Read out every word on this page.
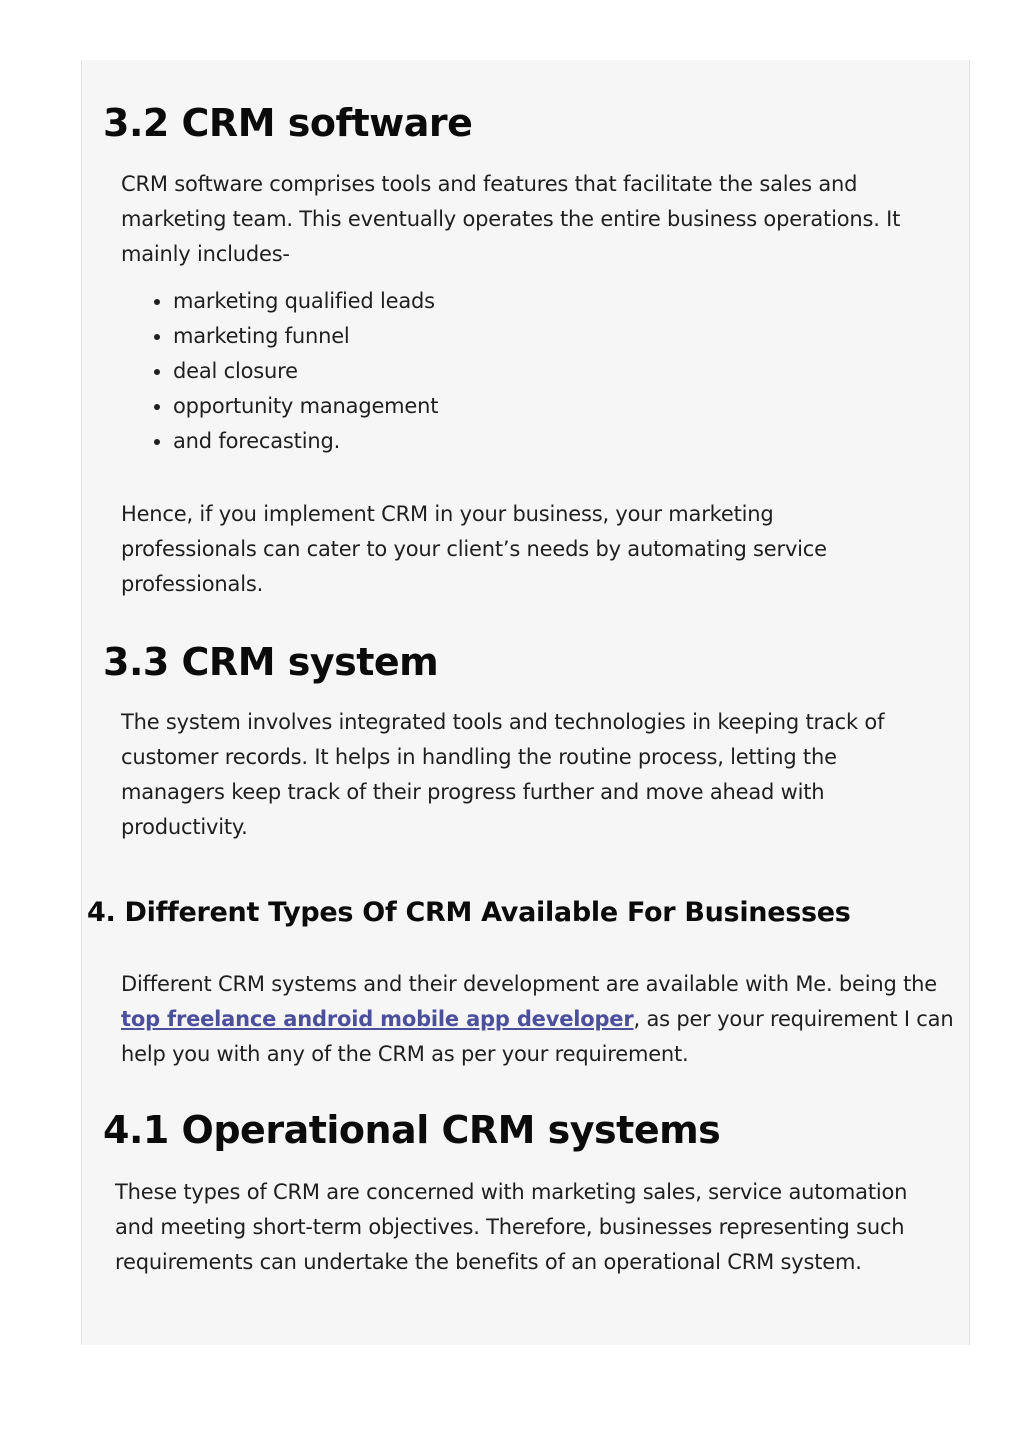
3.2 CRM software

CRM software comprises tools and features that facilitate the sales and marketing team. This eventually operates the entire business operations. It mainly includes-

• marketing qualified leads
• marketing funnel
• deal closure
• opportunity management
• and forecasting.

Hence, if you implement CRM in your business, your marketing professionals can cater to your client’s needs by automating service professionals.

3.3 CRM system

The system involves integrated tools and technologies in keeping track of customer records. It helps in handling the routine process, letting the managers keep track of their progress further and move ahead with productivity.

4. Different Types Of CRM Available For Businesses

Different CRM systems and their development are available with Me. being the top freelance android mobile app developer, as per your requirement I can help you with any of the CRM as per your requirement.

4.1 Operational CRM systems

These types of CRM are concerned with marketing sales, service automation and meeting short-term objectives. Therefore, businesses representing such requirements can undertake the benefits of an operational CRM system.
